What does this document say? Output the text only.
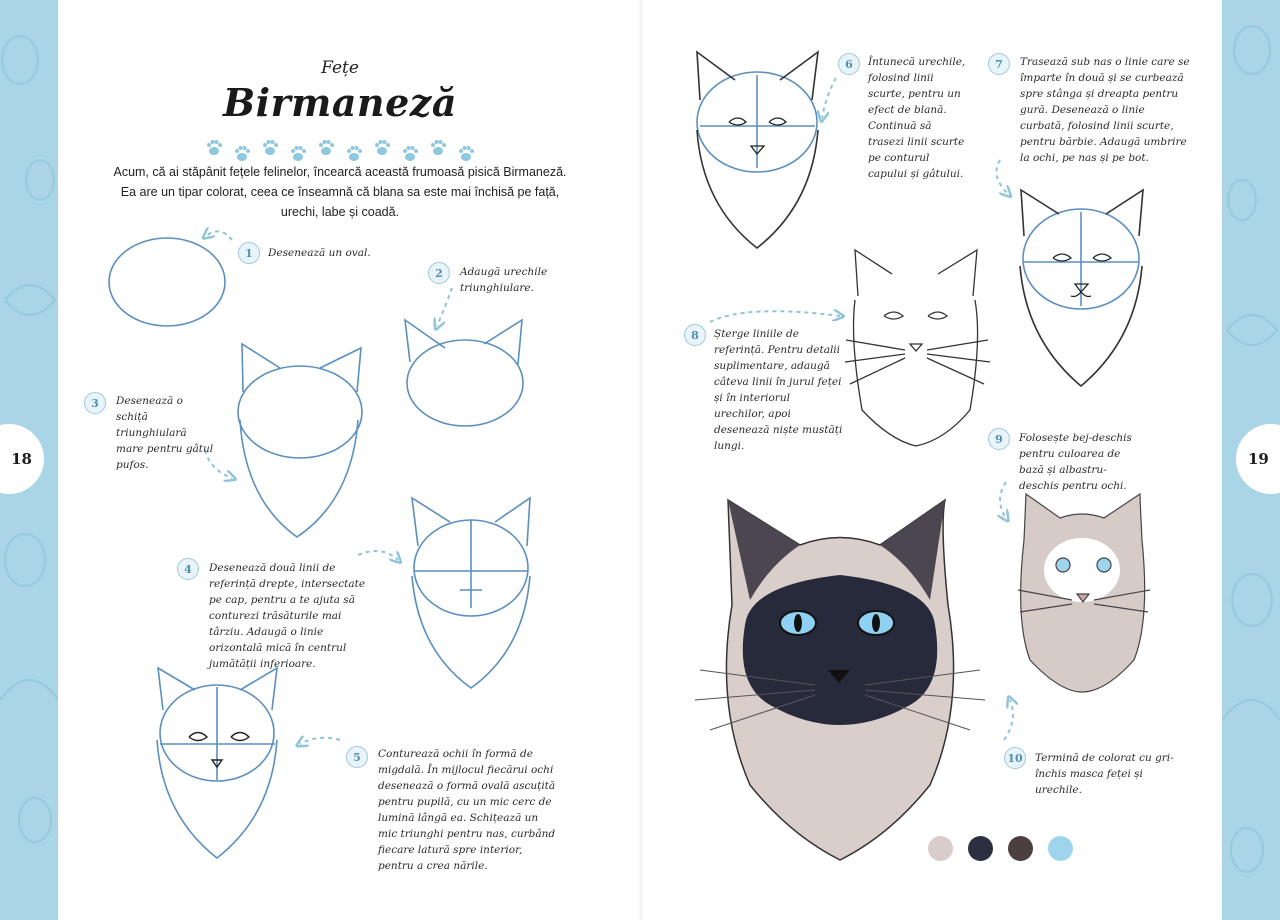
18	19
Fețe
Birmaneză
Acum, că ai stăpânit fețele felinelor, încearcă această frumoasă pisică Birmaneză. Ea are un tipar colorat, ceea ce înseamnă că blana sa este mai închisă pe față, urechi, labe și coadă.
1	Desenează un oval.
2	Adaugă urechile triunghiulare.
3	Desenează o schiță triunghiulară mare pentru gâtul pufos.
4	Desenează două linii de referință drepte, intersectate pe cap, pentru a te ajuta să conturezi trăsăturile mai târziu. Adaugă o linie orizontală mică în centrul jumătății inferioare.
5	Conturează ochii în formă de migdală. În mijlocul fiecărui ochi desenează o formă ovală ascuțită pentru pupilă, cu un mic cerc de lumină lângă ea. Schițează un mic triunghi pentru nas, curbând fiecare latură spre interior, pentru a crea nările.
6	Întunecă urechile, folosind linii scurte, pentru un efect de blană. Continuă să trasezi linii scurte pe conturul capului și gâtului.
7	Trasează sub nas o linie care se împarte în două și se curbează spre stânga și dreapta pentru gură. Desenează o linie curbată, folosind linii scurte, pentru bărbie. Adaugă umbrire la ochi, pe nas și pe bot.
8	Șterge liniile de referință. Pentru detalii suplimentare, adaugă câteva linii în jurul feței și în interiorul urechilor, apoi desenează niște mustăți lungi.
9	Folosește bej-deschis pentru culoarea de bază și albastru-deschis pentru ochi.
10	Termină de colorat cu gri-închis masca feței și urechile.
